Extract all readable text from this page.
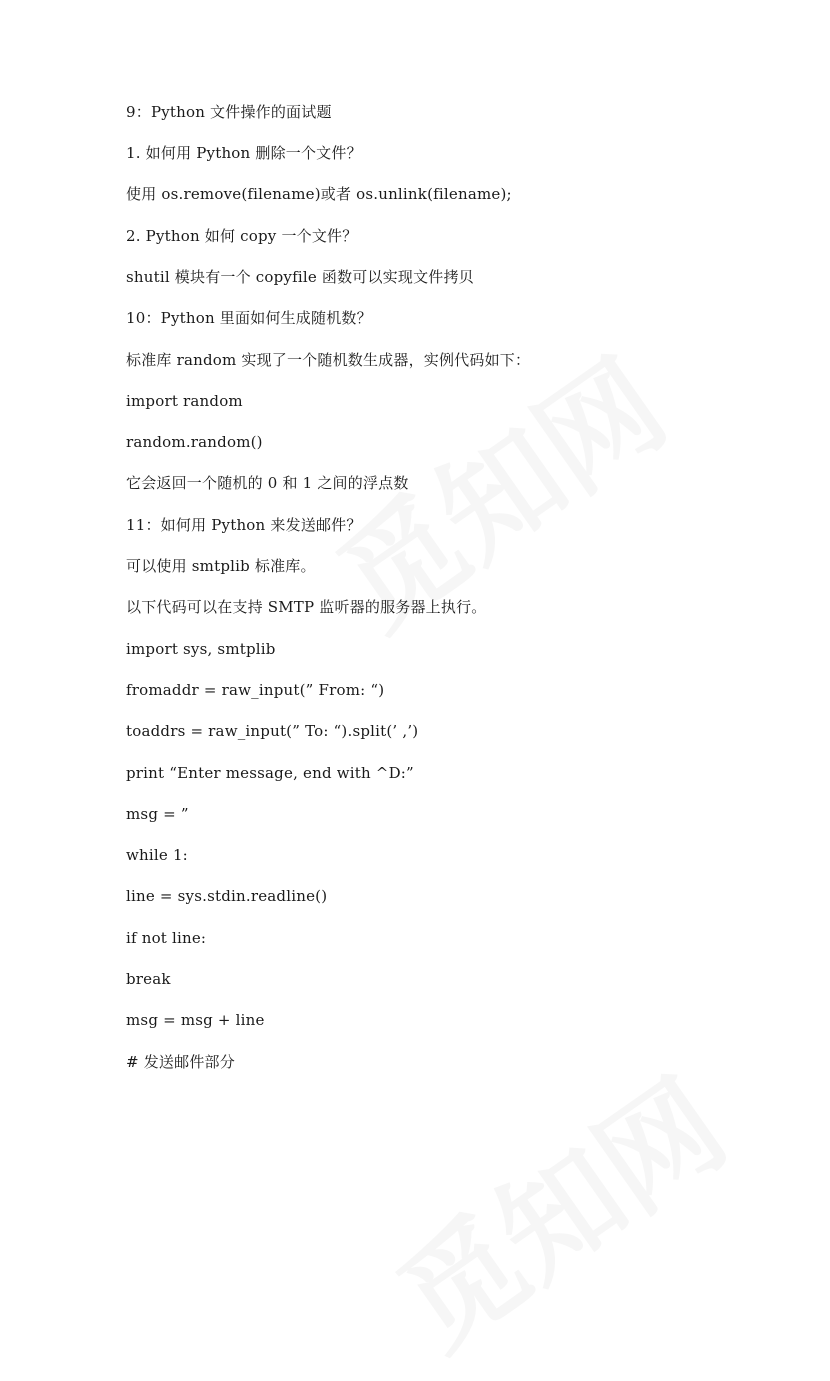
9：Python 文件操作的面试题
1. 如何用 Python 删除一个文件？
使用 os.remove(filename)或者 os.unlink(filename);
2. Python 如何 copy 一个文件？
shutil 模块有一个 copyfile 函数可以实现文件拷贝
10：Python 里面如何生成随机数？
标准库 random 实现了一个随机数生成器，实例代码如下：
import random
random.random()
它会返回一个随机的 0 和 1 之间的浮点数
11：如何用 Python 来发送邮件？
可以使用 smtplib 标准库。
以下代码可以在支持 SMTP 监听器的服务器上执行。
import sys, smtplib
fromaddr = raw_input(” From: “)
toaddrs = raw_input(” To: “).split(’ ,’)
print “Enter message, end with ^D:”
msg = ”
while 1:
line = sys.stdin.readline()
if not line:
break
msg = msg + line
# 发送邮件部分
